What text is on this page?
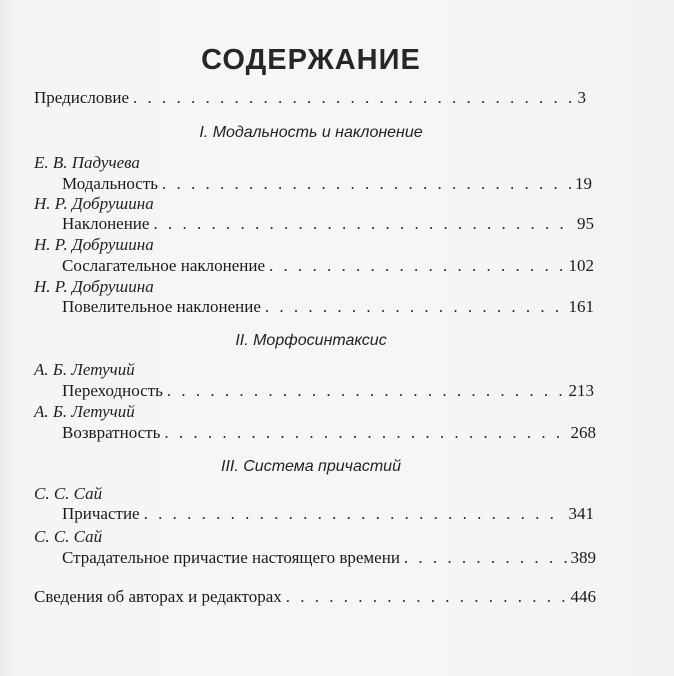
СОДЕРЖАНИЕ
Предисловие . . .	3
I. Модальность и наклонение
Е. В. Падучева
Модальность . . .	19
Н. Р. Добрушина
Наклонение . . .	95
Н. Р. Добрушина
Сослагательное наклонение . . .	102
Н. Р. Добрушина
Повелительное наклонение . . .	161
II. Морфосинтаксис
А. Б. Летучий
Переходность . . .	213
А. Б. Летучий
Возвратность . . .	268
III. Система причастий
С. С. Сай
Причастие . . .	341
С. С. Сай
Страдательное причастие настоящего времени . . .	389
Сведения об авторах и редакторах . . .	446
